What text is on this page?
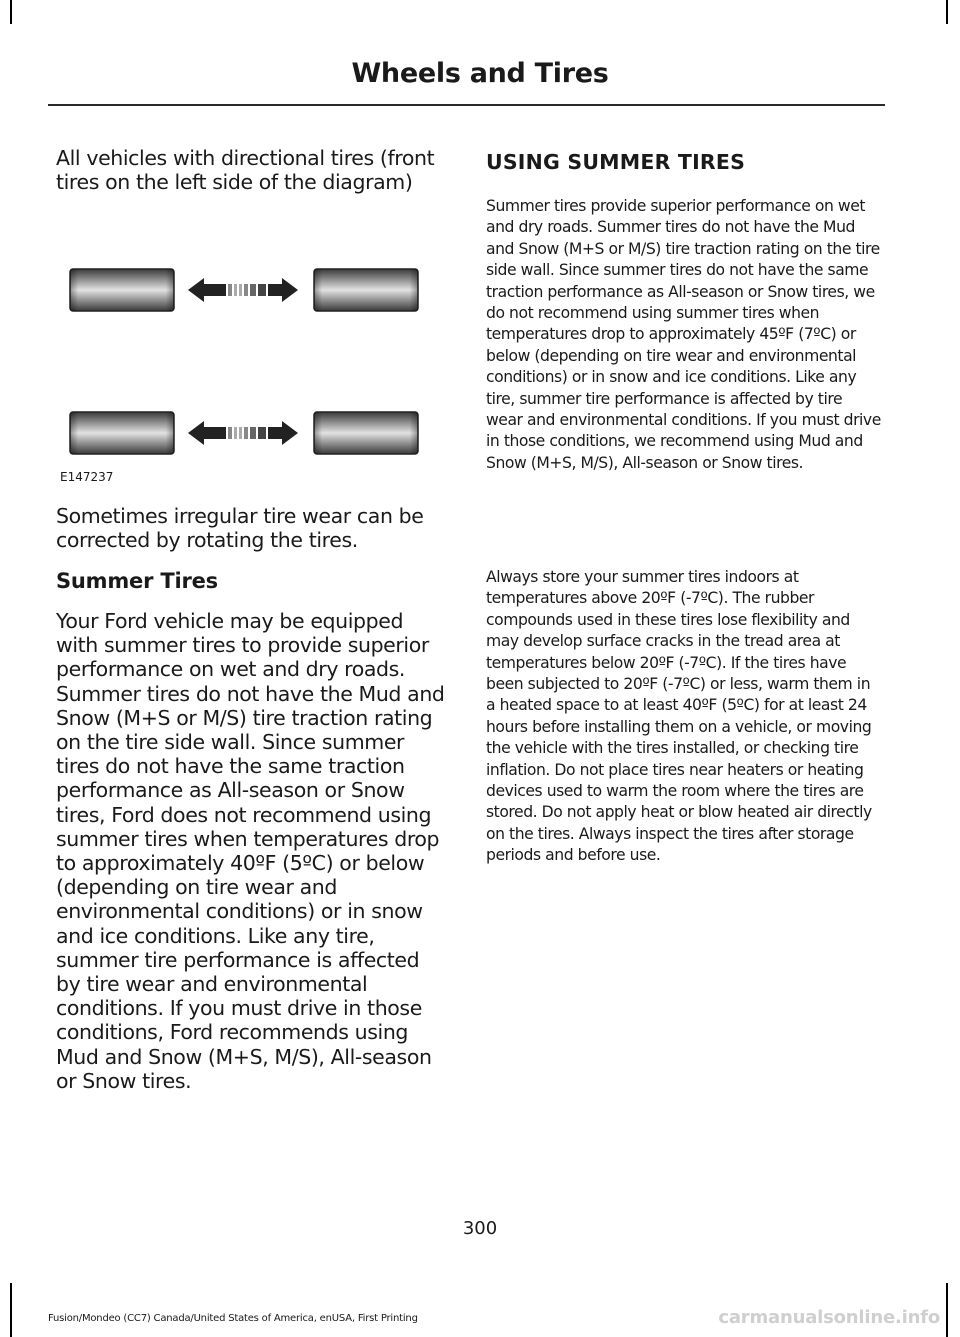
Wheels and Tires
All vehicles with directional tires (front tires on the left side of the diagram)
E147237
Sometimes irregular tire wear can be corrected by rotating the tires.
Summer Tires
Your Ford vehicle may be equipped with summer tires to provide superior performance on wet and dry roads. Summer tires do not have the Mud and Snow (M+S or M/S) tire traction rating on the tire side wall. Since summer tires do not have the same traction performance as All-season or Snow tires, Ford does not recommend using summer tires when temperatures drop to approximately 40ºF (5ºC) or below (depending on tire wear and environmental conditions) or in snow and ice conditions. Like any tire, summer tire performance is affected by tire wear and environmental conditions. If you must drive in those conditions, Ford recommends using Mud and Snow (M+S, M/S), All-season or Snow tires.
USING SUMMER TIRES
Summer tires provide superior performance on wet and dry roads. Summer tires do not have the Mud and Snow (M+S or M/S) tire traction rating on the tire side wall. Since summer tires do not have the same traction performance as All-season or Snow tires, we do not recommend using summer tires when temperatures drop to approximately 45ºF (7ºC) or below (depending on tire wear and environmental conditions) or in snow and ice conditions. Like any tire, summer tire performance is affected by tire wear and environmental conditions. If you must drive in those conditions, we recommend using Mud and Snow (M+S, M/S), All-season or Snow tires.
Always store your summer tires indoors at temperatures above 20ºF (-7ºC). The rubber compounds used in these tires lose flexibility and may develop surface cracks in the tread area at temperatures below 20ºF (-7ºC). If the tires have been subjected to 20ºF (-7ºC) or less, warm them in a heated space to at least 40ºF (5ºC) for at least 24 hours before installing them on a vehicle, or moving the vehicle with the tires installed, or checking tire inflation. Do not place tires near heaters or heating devices used to warm the room where the tires are stored. Do not apply heat or blow heated air directly on the tires. Always inspect the tires after storage periods and before use.
300
Fusion/Mondeo (CC7) Canada/United States of America, enUSA, First Printing	carmanualsonline.info
